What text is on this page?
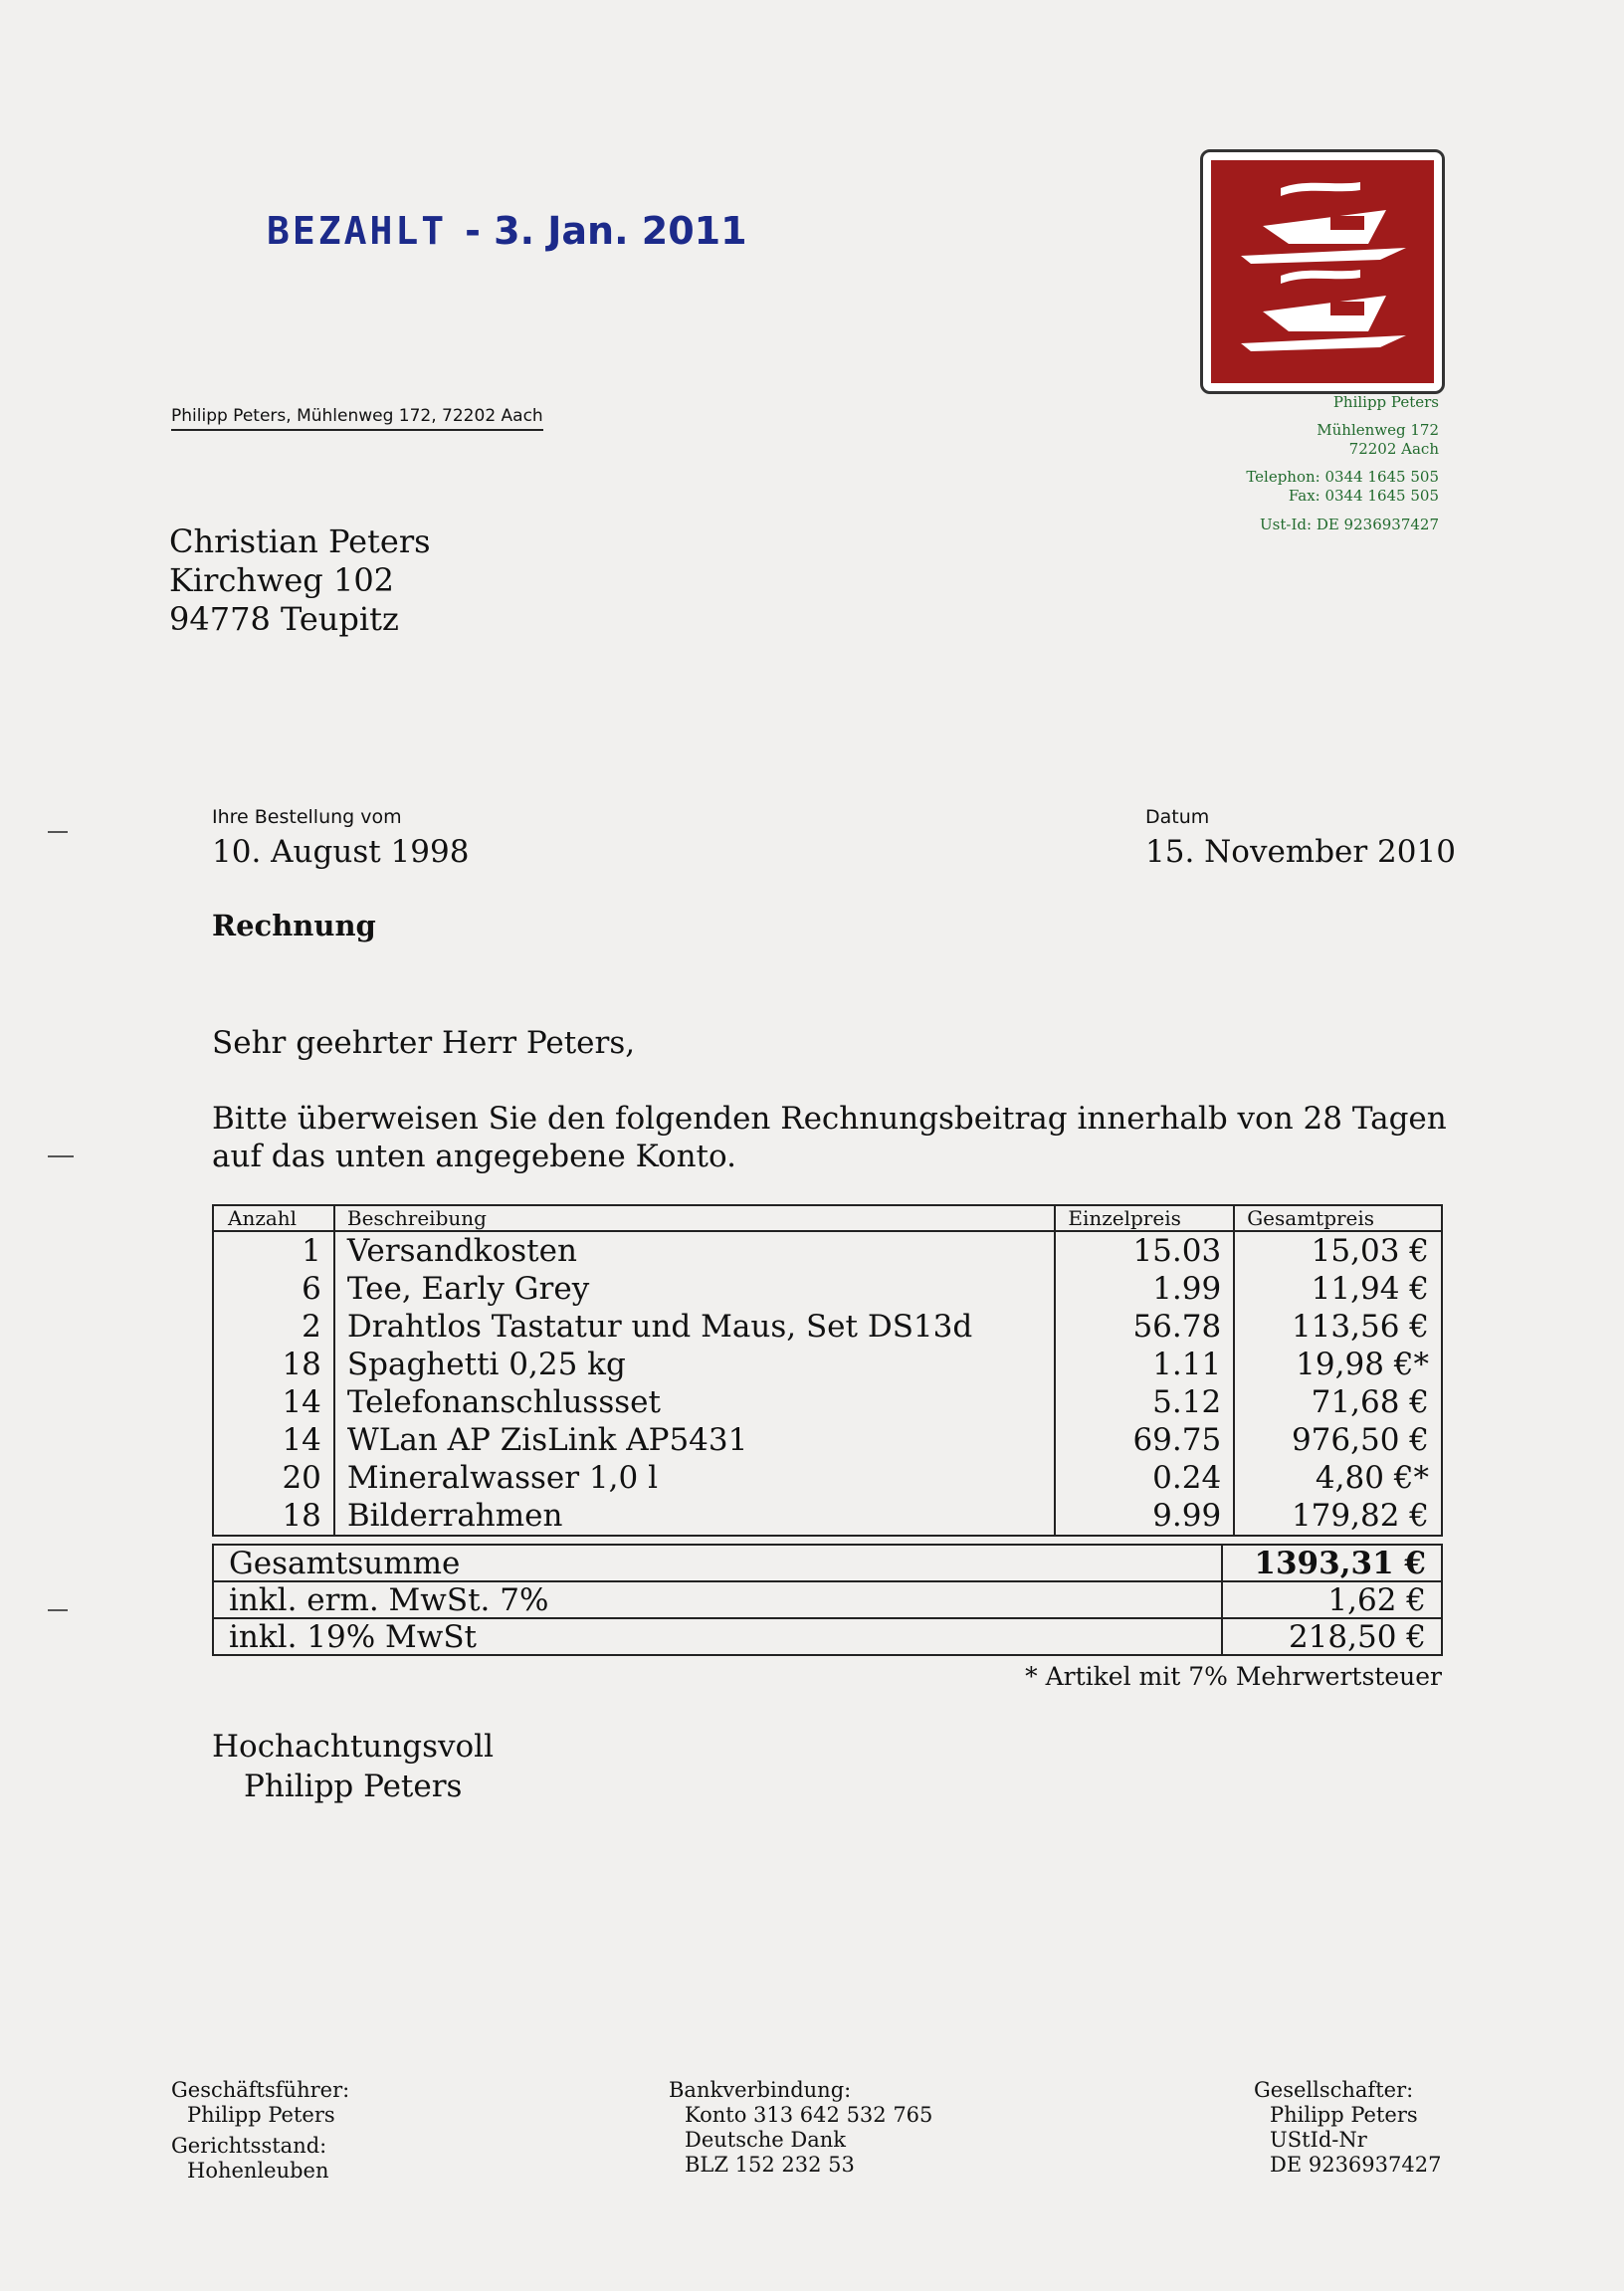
BEZAHLT - 3. Jan. 2011
Philipp Peters
Mühlenweg 172
72202 Aach
Telephon: 0344 1645 505
Fax: 0344 1645 505
Ust-Id: DE 9236937427
Philipp Peters, Mühlenweg 172, 72202 Aach
Christian Peters
Kirchweg 102
94778 Teupitz
Ihre Bestellung vom
10. August 1998
Datum
15. November 2010
Rechnung
Sehr geehrter Herr Peters,
Bitte überweisen Sie den folgenden Rechnungsbeitrag innerhalb von 28 Tagen
auf das unten angegebene Konto.
Anzahl	Beschreibung	Einzelpreis	Gesamtpreis
1	Versandkosten	15.03	15,03 €
6	Tee, Early Grey	1.99	11,94 €
2	Drahtlos Tastatur und Maus, Set DS13d	56.78	113,56 €
18	Spaghetti 0,25 kg	1.11	19,98 €*
14	Telefonanschlussset	5.12	71,68 €
14	WLan AP ZisLink AP5431	69.75	976,50 €
20	Mineralwasser 1,0 l	0.24	4,80 €*
18	Bilderrahmen	9.99	179,82 €
Gesamtsumme	1393,31 €
inkl. erm. MwSt. 7%	1,62 €
inkl. 19% MwSt	218,50 €
* Artikel mit 7% Mehrwertsteuer
Hochachtungsvoll
Philipp Peters
Geschäftsführer:
Philipp Peters
Gerichtsstand:
Hohenleuben
Bankverbindung:
Konto 313 642 532 765
Deutsche Dank
BLZ 152 232 53
Gesellschafter:
Philipp Peters
UStId-Nr
DE 9236937427
